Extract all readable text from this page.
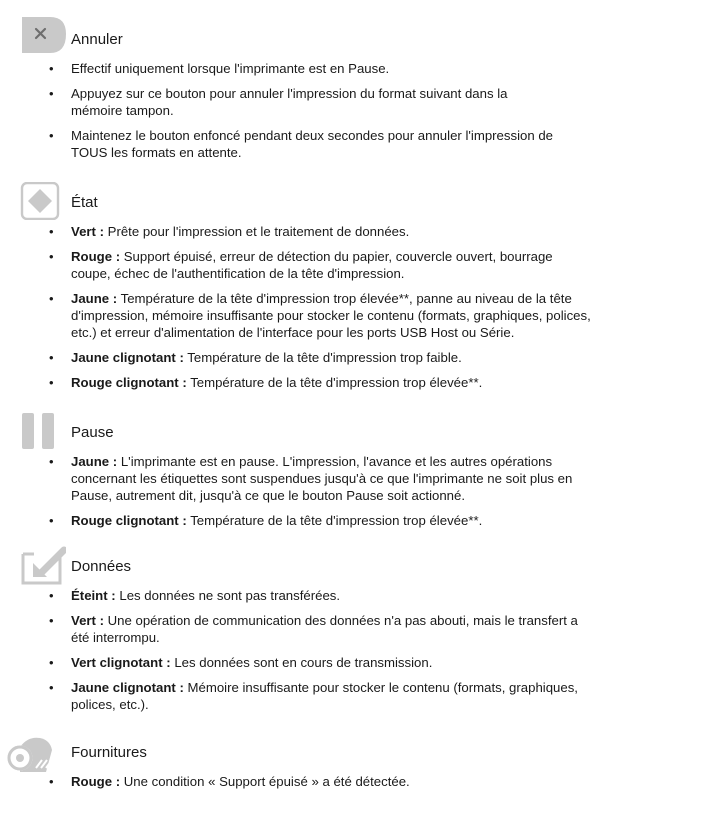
Annuler
• Effectif uniquement lorsque l'imprimante est en Pause.
• Appuyez sur ce bouton pour annuler l'impression du format suivant dans la
mémoire tampon.
• Maintenez le bouton enfoncé pendant deux secondes pour annuler l'impression de
TOUS les formats en attente.
État
• Vert : Prête pour l'impression et le traitement de données.
• Rouge : Support épuisé, erreur de détection du papier, couvercle ouvert, bourrage
coupe, échec de l'authentification de la tête d'impression.
• Jaune : Température de la tête d'impression trop élevée**, panne au niveau de la tête
d'impression, mémoire insuffisante pour stocker le contenu (formats, graphiques, polices,
etc.) et erreur d'alimentation de l'interface pour les ports USB Host ou Série.
• Jaune clignotant : Température de la tête d'impression trop faible.
• Rouge clignotant : Température de la tête d'impression trop élevée**.
Pause
• Jaune : L'imprimante est en pause. L'impression, l'avance et les autres opérations
concernant les étiquettes sont suspendues jusqu'à ce que l'imprimante ne soit plus en
Pause, autrement dit, jusqu'à ce que le bouton Pause soit actionné.
• Rouge clignotant : Température de la tête d'impression trop élevée**.
Données
• Éteint : Les données ne sont pas transférées.
• Vert : Une opération de communication des données n'a pas abouti, mais le transfert a
été interrompu.
• Vert clignotant : Les données sont en cours de transmission.
• Jaune clignotant : Mémoire insuffisante pour stocker le contenu (formats, graphiques,
polices, etc.).
Fournitures
• Rouge : Une condition « Support épuisé » a été détectée.
